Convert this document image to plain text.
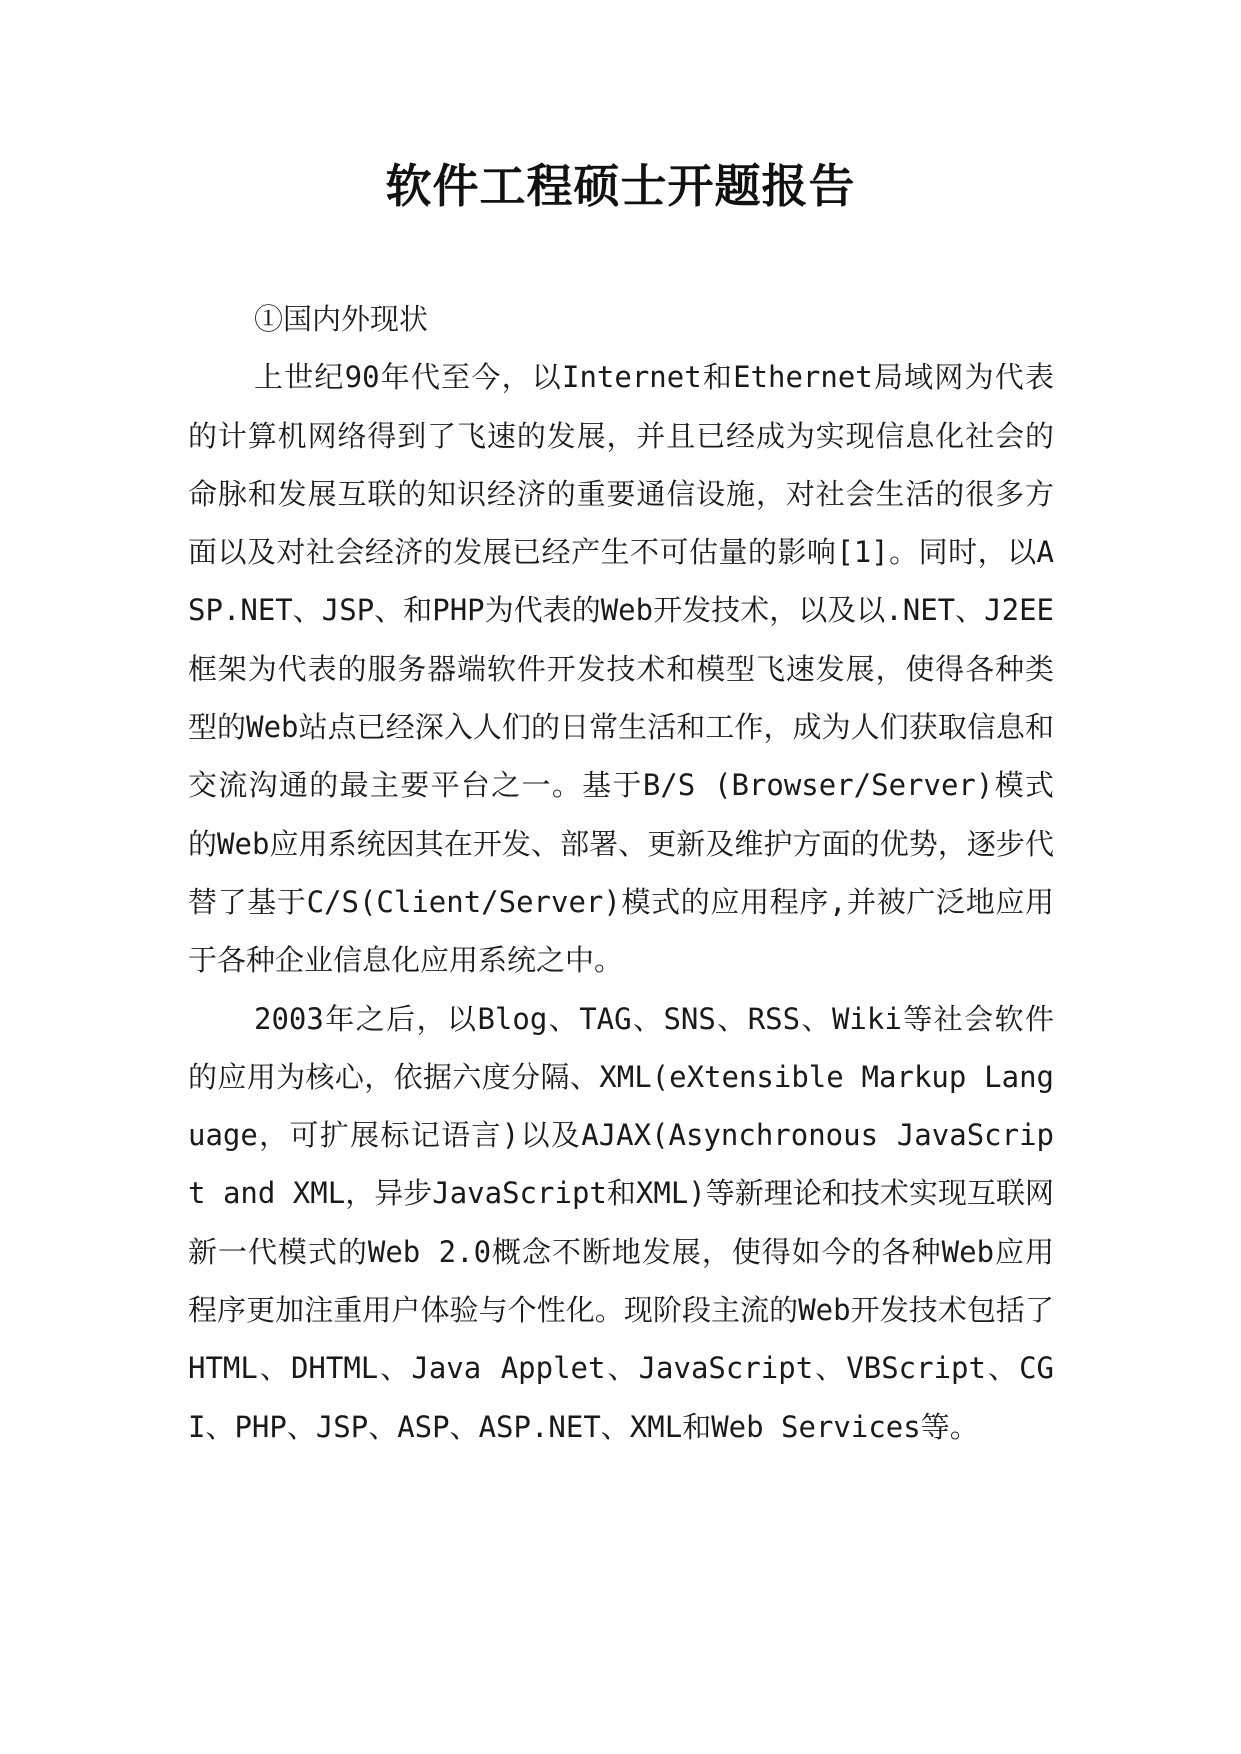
软件工程硕士开题报告
①国内外现状

上世纪90年代至今，以Internet和Ethernet局域网为代表的计算机网络得到了飞速的发展，并且已经成为实现信息化社会的命脉和发展互联的知识经济的重要通信设施，对社会生活的很多方面以及对社会经济的发展已经产生不可估量的影响[1]。同时，以ASP.NET、JSP、和PHP为代表的Web开发技术，以及以.NET、J2EE框架为代表的服务器端软件开发技术和模型飞速发展，使得各种类型的Web站点已经深入人们的日常生活和工作，成为人们获取信息和交流沟通的最主要平台之一。基于B/S (Browser/Server)模式的Web应用系统因其在开发、部署、更新及维护方面的优势，逐步代替了基于C/S(Client/Server)模式的应用程序,并被广泛地应用于各种企业信息化应用系统之中。

2003年之后，以Blog、TAG、SNS、RSS、Wiki等社会软件的应用为核心，依据六度分隔、XML(eXtensible Markup Language，可扩展标记语言)以及AJAX(Asynchronous JavaScript and XML，异步JavaScript和XML)等新理论和技术实现互联网新一代模式的Web 2.0概念不断地发展，使得如今的各种Web应用程序更加注重用户体验与个性化。现阶段主流的Web开发技术包括了HTML、DHTML、Java Applet、JavaScript、VBScript、CGI、PHP、JSP、ASP、ASP.NET、XML和Web Services等。
